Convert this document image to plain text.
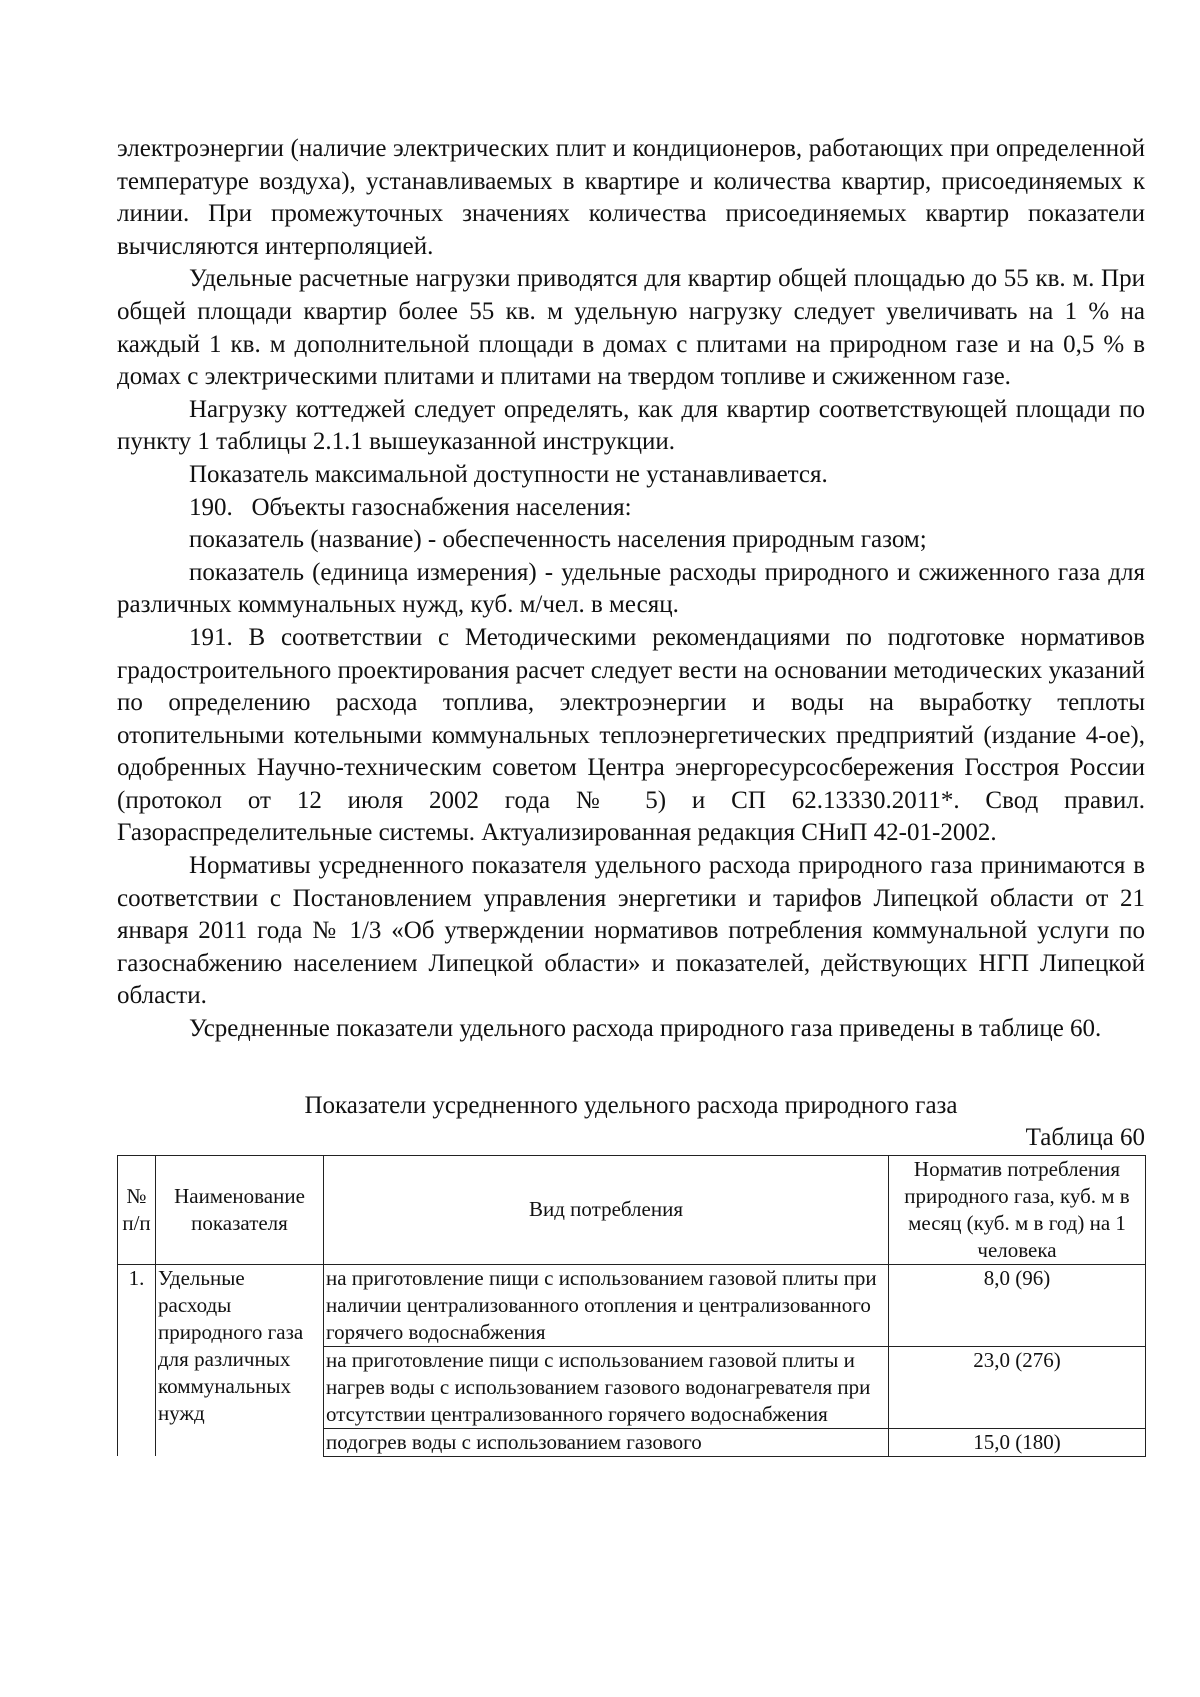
электроэнергии (наличие электрических плит и кондиционеров, работающих при определенной температуре воздуха), устанавливаемых в квартире и количества квартир, присоединяемых к линии. При промежуточных значениях количества присоединяемых квартир показатели вычисляются интерполяцией.

Удельные расчетные нагрузки приводятся для квартир общей площадью до 55 кв. м. При общей площади квартир более 55 кв. м удельную нагрузку следует увеличивать на 1 % на каждый 1 кв. м дополнительной площади в домах с плитами на природном газе и на 0,5 % в домах с электрическими плитами и плитами на твердом топливе и сжиженном газе.

Нагрузку коттеджей следует определять, как для квартир соответствующей площади по пункту 1 таблицы 2.1.1 вышеуказанной инструкции.

Показатель максимальной доступности не устанавливается.

190.   Объекты газоснабжения населения:

показатель (название) - обеспеченность населения природным газом;

показатель (единица измерения) - удельные расходы природного и сжиженного газа для различных коммунальных нужд, куб. м/чел. в месяц.

191. В соответствии с Методическими рекомендациями по подготовке нормативов градостроительного проектирования расчет следует вести на основании методических указаний по определению расхода топлива, электроэнергии и воды на выработку теплоты отопительными котельными коммунальных теплоэнергетических предприятий (издание 4-ое), одобренных Научно-техническим советом Центра энергоресурсосбережения Госстроя России (протокол от 12 июля 2002 года № 5) и СП 62.13330.2011*. Свод правил. Газораспределительные системы. Актуализированная редакция СНиП 42-01-2002.

Нормативы усредненного показателя удельного расхода природного газа принимаются в соответствии с Постановлением управления энергетики и тарифов Липецкой области от 21 января 2011 года № 1/3 «Об утверждении нормативов потребления коммунальной услуги по газоснабжению населением Липецкой области» и показателей, действующих НГП Липецкой области.

Усредненные показатели удельного расхода природного газа приведены в таблице 60.

Показатели усредненного удельного расхода природного газа

Таблица 60

№ п/п	Наименование показателя	Вид потребления	Норматив потребления природного газа, куб. м в месяц (куб. м в год) на 1 человека
1.	Удельные расходы природного газа для различных коммунальных нужд	на приготовление пищи с использованием газовой плиты при наличии централизованного отопления и централизованного горячего водоснабжения	8,0 (96)
		на приготовление пищи с использованием газовой плиты и нагрев воды с использованием газового водонагревателя при отсутствии централизованного горячего водоснабжения	23,0 (276)
		подогрев воды с использованием газового	15,0 (180)
